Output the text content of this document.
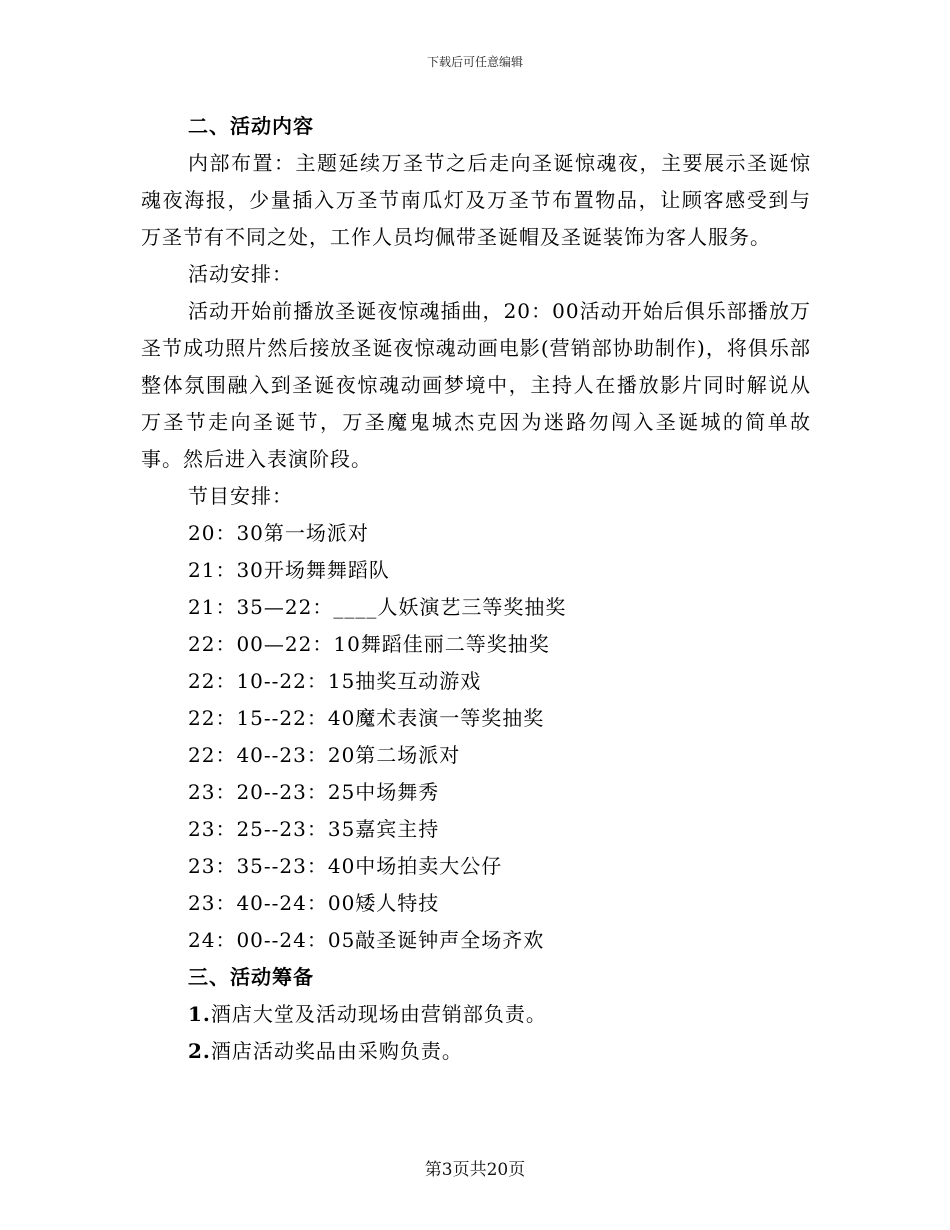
下载后可任意编辑
二、活动内容
内部布置：主题延续万圣节之后走向圣诞惊魂夜，主要展示圣诞惊魂夜海报，少量插入万圣节南瓜灯及万圣节布置物品，让顾客感受到与万圣节有不同之处，工作人员均佩带圣诞帽及圣诞装饰为客人服务。
活动安排：
活动开始前播放圣诞夜惊魂插曲，20：00活动开始后俱乐部播放万圣节成功照片然后接放圣诞夜惊魂动画电影(营销部协助制作)，将俱乐部整体氛围融入到圣诞夜惊魂动画梦境中，主持人在播放影片同时解说从万圣节走向圣诞节，万圣魔鬼城杰克因为迷路勿闯入圣诞城的简单故事。然后进入表演阶段。
节目安排：
20：30第一场派对
21：30开场舞舞蹈队
21：35—22：____人妖演艺三等奖抽奖
22：00—22：10舞蹈佳丽二等奖抽奖
22：10--22：15抽奖互动游戏
22：15--22：40魔术表演一等奖抽奖
22：40--23：20第二场派对
23：20--23：25中场舞秀
23：25--23：35嘉宾主持
23：35--23：40中场拍卖大公仔
23：40--24：00矮人特技
24：00--24：05敲圣诞钟声全场齐欢
三、活动筹备
1.酒店大堂及活动现场由营销部负责。
2.酒店活动奖品由采购负责。
第3页共20页
